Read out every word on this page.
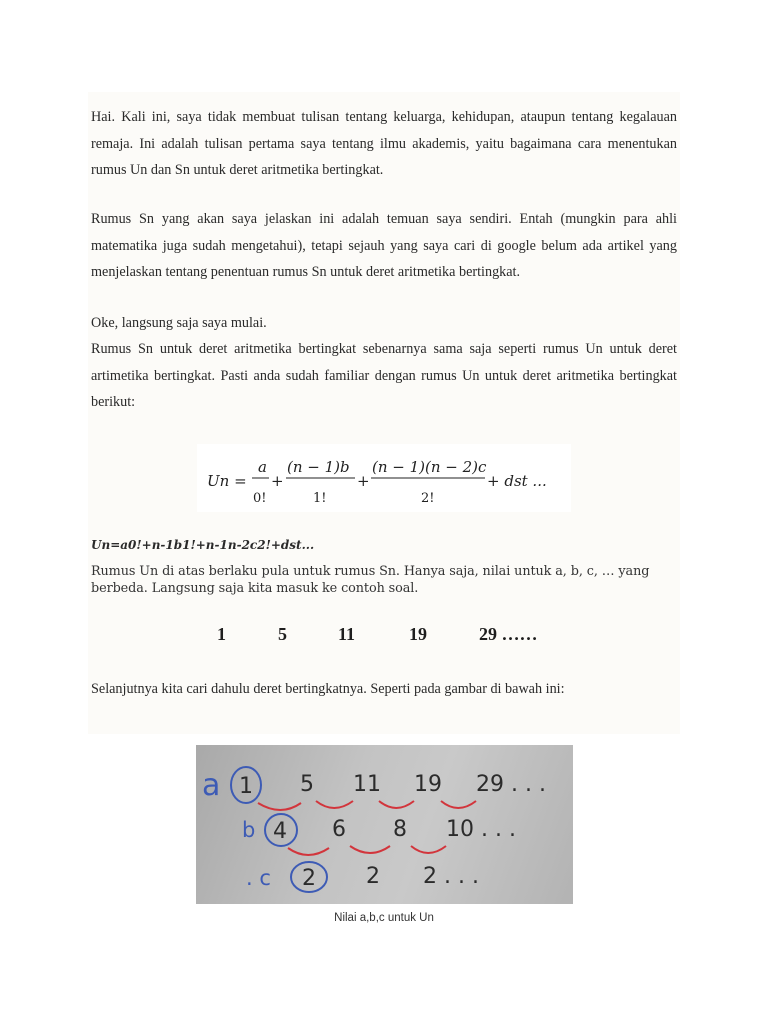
Hai. Kali ini, saya tidak membuat tulisan tentang keluarga, kehidupan, ataupun tentang kegalauan remaja. Ini adalah tulisan pertama saya tentang ilmu akademis, yaitu bagaimana cara menentukan rumus Un dan Sn untuk deret aritmetika bertingkat.

Rumus Sn yang akan saya jelaskan ini adalah temuan saya sendiri. Entah (mungkin para ahli matematika juga sudah mengetahui), tetapi sejauh yang saya cari di google belum ada artikel yang menjelaskan tentang penentuan rumus Sn untuk deret aritmetika bertingkat.

Oke, langsung saja saya mulai.

Rumus Sn untuk deret aritmetika bertingkat sebenarnya sama saja seperti rumus Un untuk deret artimetika bertingkat. Pasti anda sudah familiar dengan rumus Un untuk deret aritmetika bertingkat berikut:

Un =
a
0!
+
(n − 1)b
1!
+
(n − 1)(n − 2)c
2!
+ dst ...

Un=a0!+n-1b1!+n-1n-2c2!+dst...

Rumus Un di atas berlaku pula untuk rumus Sn. Hanya saja, nilai untuk a, b, c, … yang berbeda. Langsung saja kita masuk ke contoh soal.

1	5	11	19	29 ……

Selanjutnya kita cari dahulu deret bertingkatnya. Seperti pada gambar di bawah ini:

a 1 5 11 19 29 . . .
b 4 6 8 10 . . .
. c 2 2 2 . . .

Nilai a,b,c untuk Un
